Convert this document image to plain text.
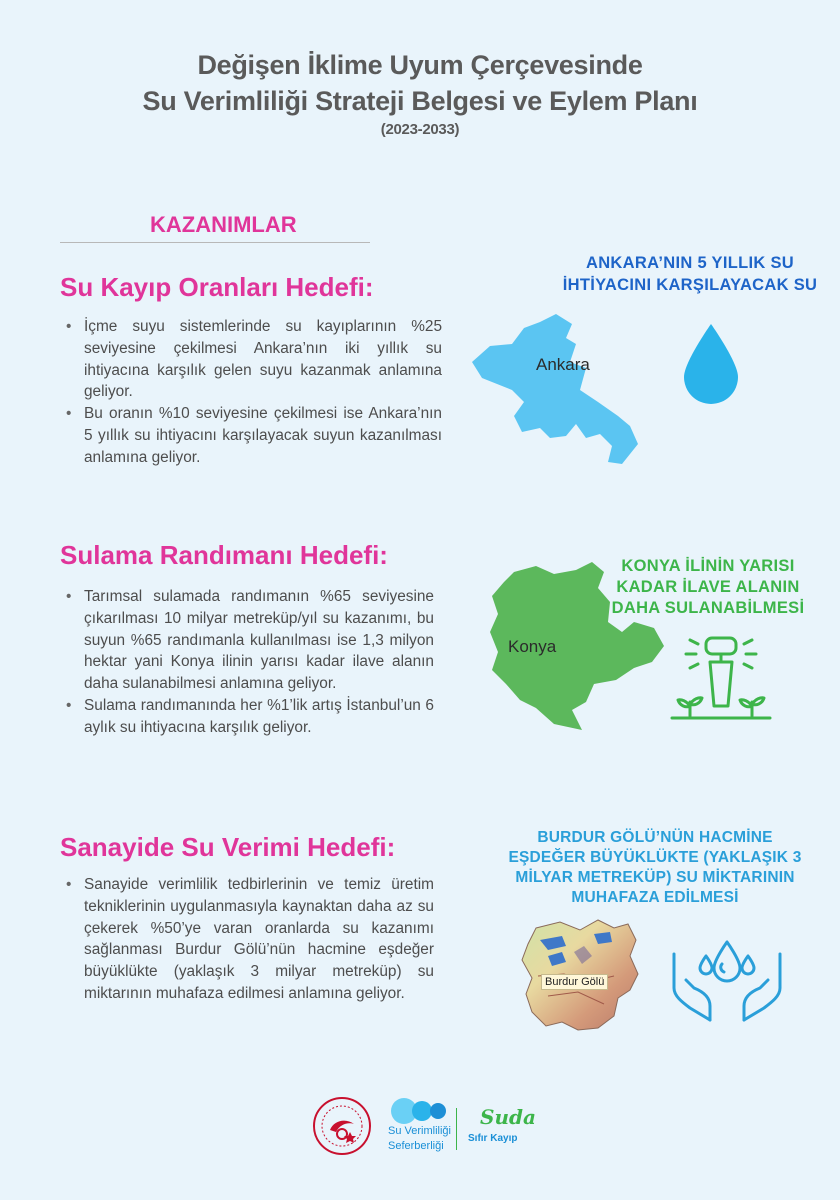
Değişen İklime Uyum Çerçevesinde
Su Verimliliği Strateji Belgesi ve Eylem Planı
(2023-2033)
KAZANIMLAR
Su Kayıp Oranları Hedefi:
• İçme suyu sistemlerinde su kayıplarının %25 seviyesine çekilmesi Ankara’nın iki yıllık su ihtiyacına karşılık gelen suyu kazanmak anlamına geliyor.
• Bu oranın %10 seviyesine çekilmesi ise Ankara’nın 5 yıllık su ihtiyacını karşılayacak suyun kazanılması anlamına geliyor.
ANKARA’NIN 5 YILLIK SU İHTİYACINI KARŞILAYACAK SU
Ankara
Sulama Randımanı Hedefi:
• Tarımsal sulamada randımanın %65 seviyesine çıkarılması 10 milyar metreküp/yıl su kazanımı, bu suyun %65 randımanla kullanılması ise 1,3 milyon hektar yani Konya ilinin yarısı kadar ilave alanın daha sulanabilmesi anlamına geliyor.
• Sulama randımanında her %1’lik artış İstanbul’un 6 aylık su ihtiyacına karşılık geliyor.
KONYA İLİNİN YARISI KADAR İLAVE ALANIN DAHA SULANABİLMESİ
Konya
Sanayide Su Verimi Hedefi:
• Sanayide verimlilik tedbirlerinin ve temiz üretim tekniklerinin uygulanmasıyla kaynaktan daha az su çekerek %50’ye varan oranlarda su kazanımı sağlanması Burdur Gölü’nün hacmine eşdeğer büyüklükte (yaklaşık 3 milyar metreküp) su miktarının muhafaza edilmesi anlamına geliyor.
BURDUR GÖLÜ’NÜN HACMİNE EŞDEĞER BÜYÜKLÜKTE (YAKLAŞIK 3 MİLYAR METREKÜP) SU MİKTARININ MUHAFAZA EDİLMESİ
Burdur Gölü
Su Verimliliği
Seferberliği
Suda
Sıfır Kayıp
